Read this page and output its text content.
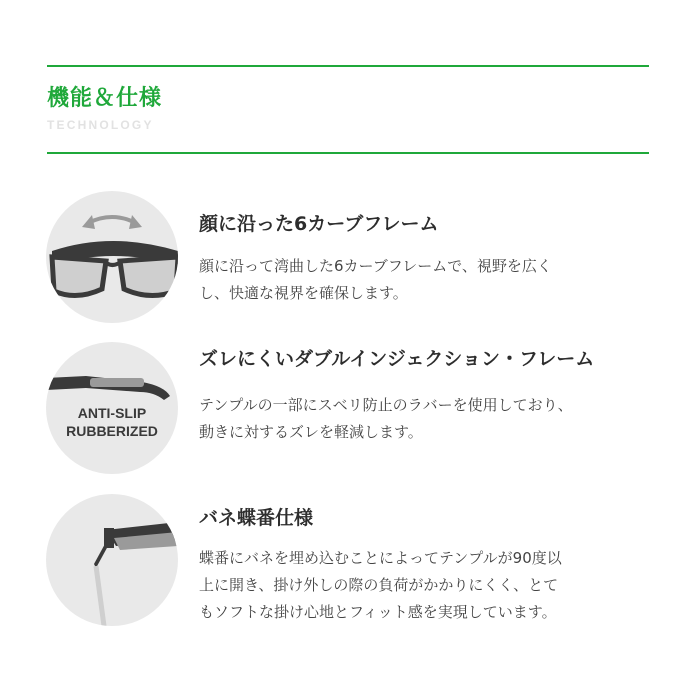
機能＆仕様
TECHNOLOGY
顔に沿った6カーブフレーム

顔に沿って湾曲した6カーブフレームで、視野を広く
し、快適な視界を確保します。

ANTI-SLIP
RUBBERIZED
ズレにくいダブルインジェクション・フレーム

テンプルの一部にスベリ防止のラバーを使用しており、
動きに対するズレを軽減します。

バネ蝶番仕様

蝶番にバネを埋め込むことによってテンプルが90度以
上に開き、掛け外しの際の負荷がかかりにくく、とて
もソフトな掛け心地とフィット感を実現しています。
